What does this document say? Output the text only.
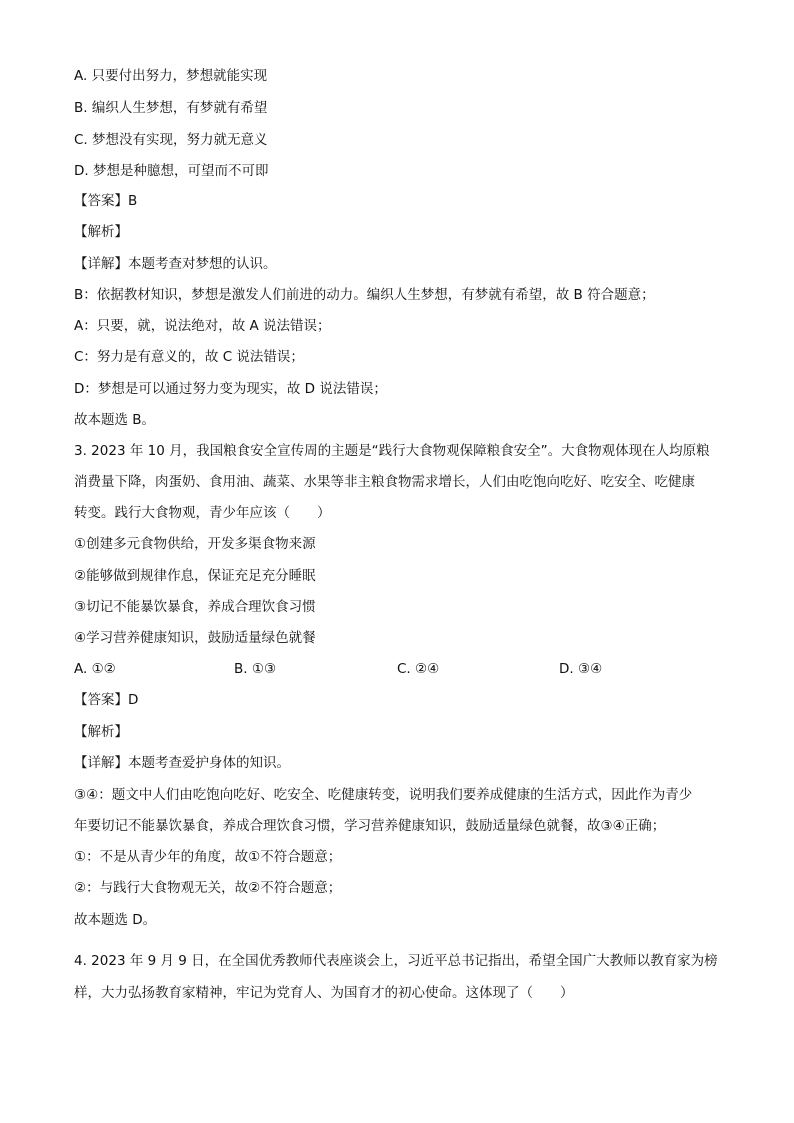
A. 只要付出努力，梦想就能实现
B. 编织人生梦想，有梦就有希望
C. 梦想没有实现，努力就无意义
D. 梦想是种臆想，可望而不可即
【答案】B
【解析】
【详解】本题考查对梦想的认识。
B：依据教材知识，梦想是激发人们前进的动力。编织人生梦想，有梦就有希望，故 B 符合题意；
A：只要，就，说法绝对，故 A 说法错误；
C：努力是有意义的，故 C 说法错误；
D：梦想是可以通过努力变为现实，故 D 说法错误；
故本题选 B。
3. 2023 年 10 月，我国粮食安全宣传周的主题是“践行大食物观保障粮食安全”。大食物观体现在人均原粮
消费量下降，肉蛋奶、食用油、蔬菜、水果等非主粮食物需求增长，人们由吃饱向吃好、吃安全、吃健康
转变。践行大食物观，青少年应该（　　）
①创建多元食物供给，开发多渠食物来源
②能够做到规律作息，保证充足充分睡眠
③切记不能暴饮暴食，养成合理饮食习惯
④学习营养健康知识，鼓励适量绿色就餐
A. ①②	B. ①③	C. ②④	D. ③④
【答案】D
【解析】
【详解】本题考查爱护身体的知识。
③④：题文中人们由吃饱向吃好、吃安全、吃健康转变，说明我们要养成健康的生活方式，因此作为青少
年要切记不能暴饮暴食，养成合理饮食习惯，学习营养健康知识，鼓励适量绿色就餐，故③④正确；
①：不是从青少年的角度，故①不符合题意；
②：与践行大食物观无关，故②不符合题意；
故本题选 D。
4. 2023 年 9 月 9 日，在全国优秀教师代表座谈会上，习近平总书记指出，希望全国广大教师以教育家为榜
样，大力弘扬教育家精神，牢记为党育人、为国育才的初心使命。这体现了（　　）
